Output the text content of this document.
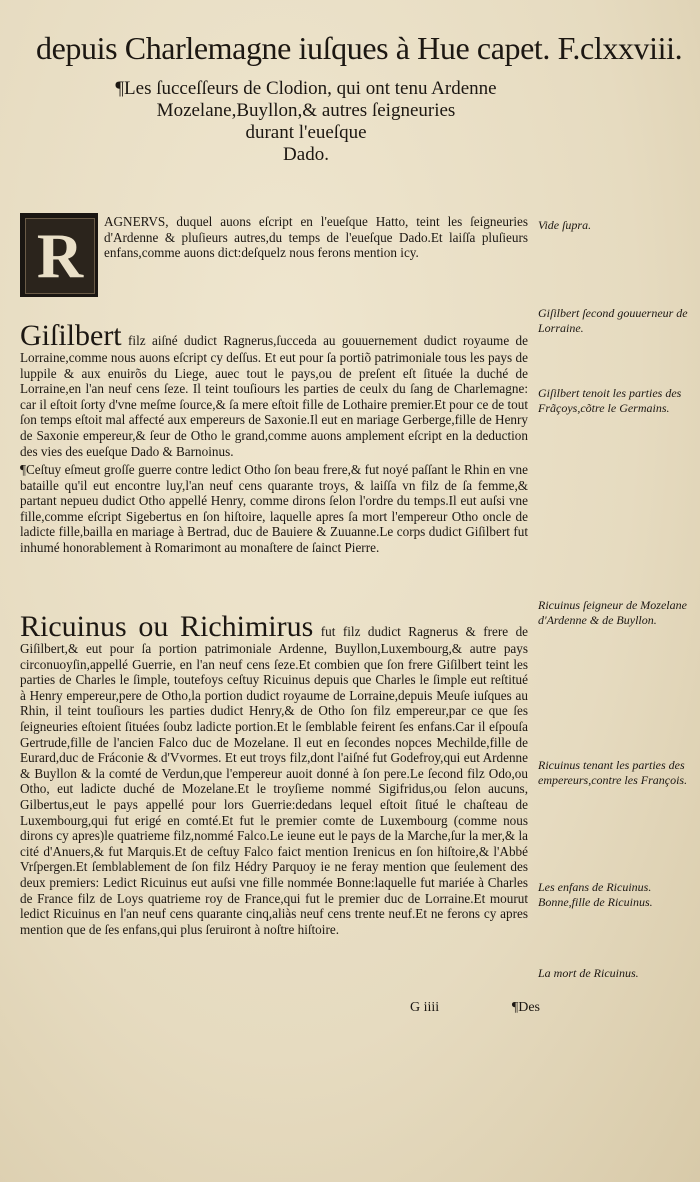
depuis Charlemagne iuſques à Hue capet. F.clxxviii.
¶Les ſucceſſeurs de Clodion, qui ont tenu Ardenne
Mozelane,Buyllon,& autres ſeigneuries
durant l'eueſque
Dado.
R AGNERVS, duquel auons eſcript en l'eueſque Hatto, teint les ſeigneuries d'Ardenne & pluſieurs autres,du temps de l'eueſque Dado.Et laiſſa pluſieurs enfans,comme auons dict:deſquelz nous ferons mention icy.
Giſilbert filz aiſné dudict Ragnerus,ſucceda au gouuernement dudict royaume de Lorraine,comme nous auons eſcript cy deſſus. Et eut pour ſa portiõ patrimoniale tous les pays de luppile & aux enuirõs du Liege, auec tout le pays,ou de preſent eſt ſituée la duché de Lorraine,en l'an neuf cens ſeze. Il teint touſiours les parties de ceulx du ſang de Charlemagne: car il eſtoit ſorty d'vne meſme ſource,& ſa mere eſtoit fille de Lothaire premier.Et pour ce de tout ſon temps eſtoit mal affecté aux empereurs de Saxonie.Il eut en mariage Gerberge,fille de Henry de Saxonie empereur,& ſeur de Otho le grand,comme auons amplement eſcript en la deduction des vies des eueſque Dado & Barnoinus.
¶Ceſtuy eſmeut groſſe guerre contre ledict Otho ſon beau frere,& fut noyé paſſant le Rhin en vne bataille qu'il eut encontre luy,l'an neuf cens quarante troys, & laiſſa vn filz de ſa femme,& partant nepueu dudict Otho appellé Henry, comme dirons ſelon l'ordre du temps.Il eut auſsi vne fille,comme eſcript Sigebertus en ſon hiſtoire, laquelle apres ſa mort l'empereur Otho oncle de ladicte fille,bailla en mariage à Bertrad, duc de Bauiere & Zuuanne.Le corps dudict Giſilbert fut inhumé honorablement à Romarimont au monaſtere de ſainct Pierre.
Ricuinus ou Richimirus fut filz dudict Ragnerus & frere de Giſilbert,& eut pour ſa portion patrimoniale Ardenne, Buyllon,Luxembourg,& autre pays circonuoyſin,appellé Guerrie, en l'an neuf cens ſeze.Et combien que ſon frere Giſilbert teint les parties de Charles le ſimple, toutefoys ceſtuy Ricuinus depuis que Charles le ſimple eut reſtitué à Henry empereur,pere de Otho,la portion dudict royaume de Lorraine,depuis Meuſe iuſques au Rhin, il teint touſiours les parties dudict Henry,& de Otho ſon filz empereur,par ce que ſes ſeigneuries eſtoient ſituées ſoubz ladicte portion.Et le ſemblable feirent ſes enfans.Car il eſpouſa Gertrude,fille de l'ancien Falco duc de Mozelane. Il eut en ſecondes nopces Mechilde,fille de Eurard,duc de Fráconie & d'Vvormes. Et eut troys filz,dont l'aiſné fut Godefroy,qui eut Ardenne & Buyllon & la comté de Verdun,que l'empereur auoit donné à ſon pere.Le ſecond filz Odo,ou Otho, eut ladicte duché de Mozelane.Et le troyſieme nommé Sigifridus,ou ſelon aucuns, Gilbertus,eut le pays appellé pour lors Guerrie:dedans lequel eſtoit ſitué le chaſteau de Luxembourg,qui fut erigé en comté.Et fut le premier comte de Luxembourg (comme nous dirons cy apres)le quatrieme filz,nommé Falco.Le ieune eut le pays de la Marche,ſur la mer,& la cité d'Anuers,& fut Marquis.Et de ceſtuy Falco faict mention Irenicus en ſon hiſtoire,& l'Abbé Vrſpergen.Et ſemblablement de ſon filz Hédry Parquoy ie ne feray mention que ſeulement des deux premiers: Ledict Ricuinus eut auſsi vne fille nommée Bonne:laquelle fut mariée à Charles de France filz de Loys quatrieme roy de France,qui fut le premier duc de Lorraine.Et mourut ledict Ricuinus en l'an neuf cens quarante cinq,aliàs neuf cens trente neuf.Et ne ferons cy apres mention que de ſes enfans,qui plus ſeruiront à noſtre hiſtoire.
Vide ſupra.
Giſilbert ſecond gouuerneur de Lorraine.
Giſilbert tenoit les parties des Frãçoys,cõtre le Germains.
Ricuinus ſeigneur de Mozelane d'Ardenne & de Buyllon.
Ricuinus tenant les parties des empereurs,contre les François.
Les enfans de Ricuinus. Bonne,fille de Ricuinus.
La mort de Ricuinus.
G iiii	¶Des
